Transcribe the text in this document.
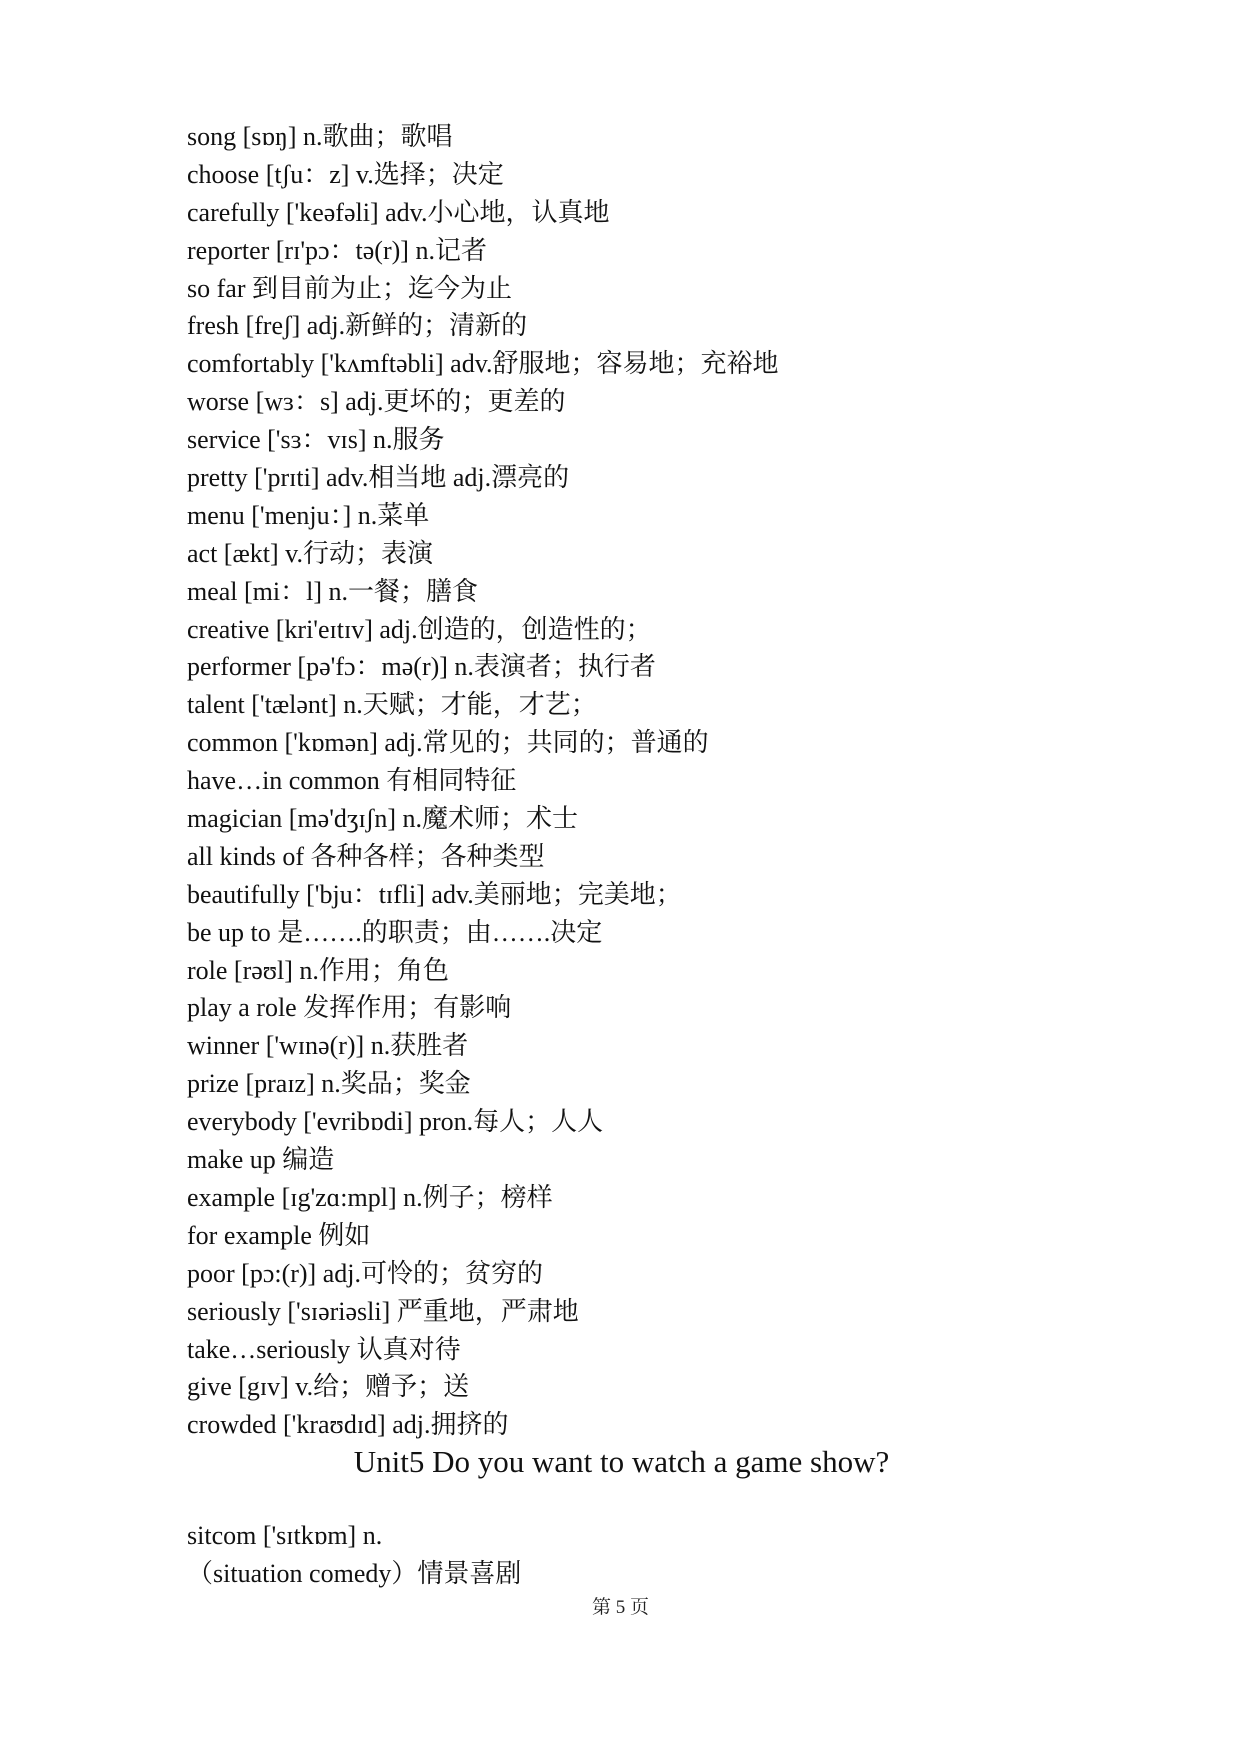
song [sɒŋ] n.歌曲；歌唱
choose [tʃu：z] v.选择；决定
carefully ['keəfəli] adv.小心地，认真地
reporter [rɪ'pɔ：tə(r)] n.记者
so far 到目前为止；迄今为止
fresh [freʃ] adj.新鲜的；清新的
comfortably ['kʌmftəbli] adv.舒服地；容易地；充裕地
worse [wɜ：s] adj.更坏的；更差的
service ['sɜ：vɪs] n.服务
pretty ['prɪti] adv.相当地 adj.漂亮的
menu ['menju：] n.菜单
act [ækt] v.行动；表演
meal [mi：l] n.一餐；膳食
creative [kri'eɪtɪv] adj.创造的，创造性的；
performer [pə'fɔ：mə(r)] n.表演者；执行者
talent ['tælənt] n.天赋；才能，才艺；
common ['kɒmən] adj.常见的；共同的；普通的
have…in common 有相同特征
magician [mə'dʒɪʃn] n.魔术师；术士
all kinds of 各种各样；各种类型
beautifully ['bju：tɪfli] adv.美丽地；完美地；
be up to 是…….的职责；由…….决定
role [rəʊl] n.作用；角色
play a role 发挥作用；有影响
winner ['wɪnə(r)] n.获胜者
prize [praɪz] n.奖品；奖金
everybody ['evribɒdi] pron.每人；人人
make up 编造
example [ɪg'zɑ:mpl] n.例子；榜样
for example 例如
poor [pɔ:(r)] adj.可怜的；贫穷的
seriously ['sɪəriəsli] 严重地，严肃地
take…seriously 认真对待
give [gɪv] v.给；赠予；送
crowded ['kraʊdɪd] adj.拥挤的
Unit5 Do you want to watch a game show?
sitcom ['sɪtkɒm] n.
（situation comedy）情景喜剧
第 5 页
